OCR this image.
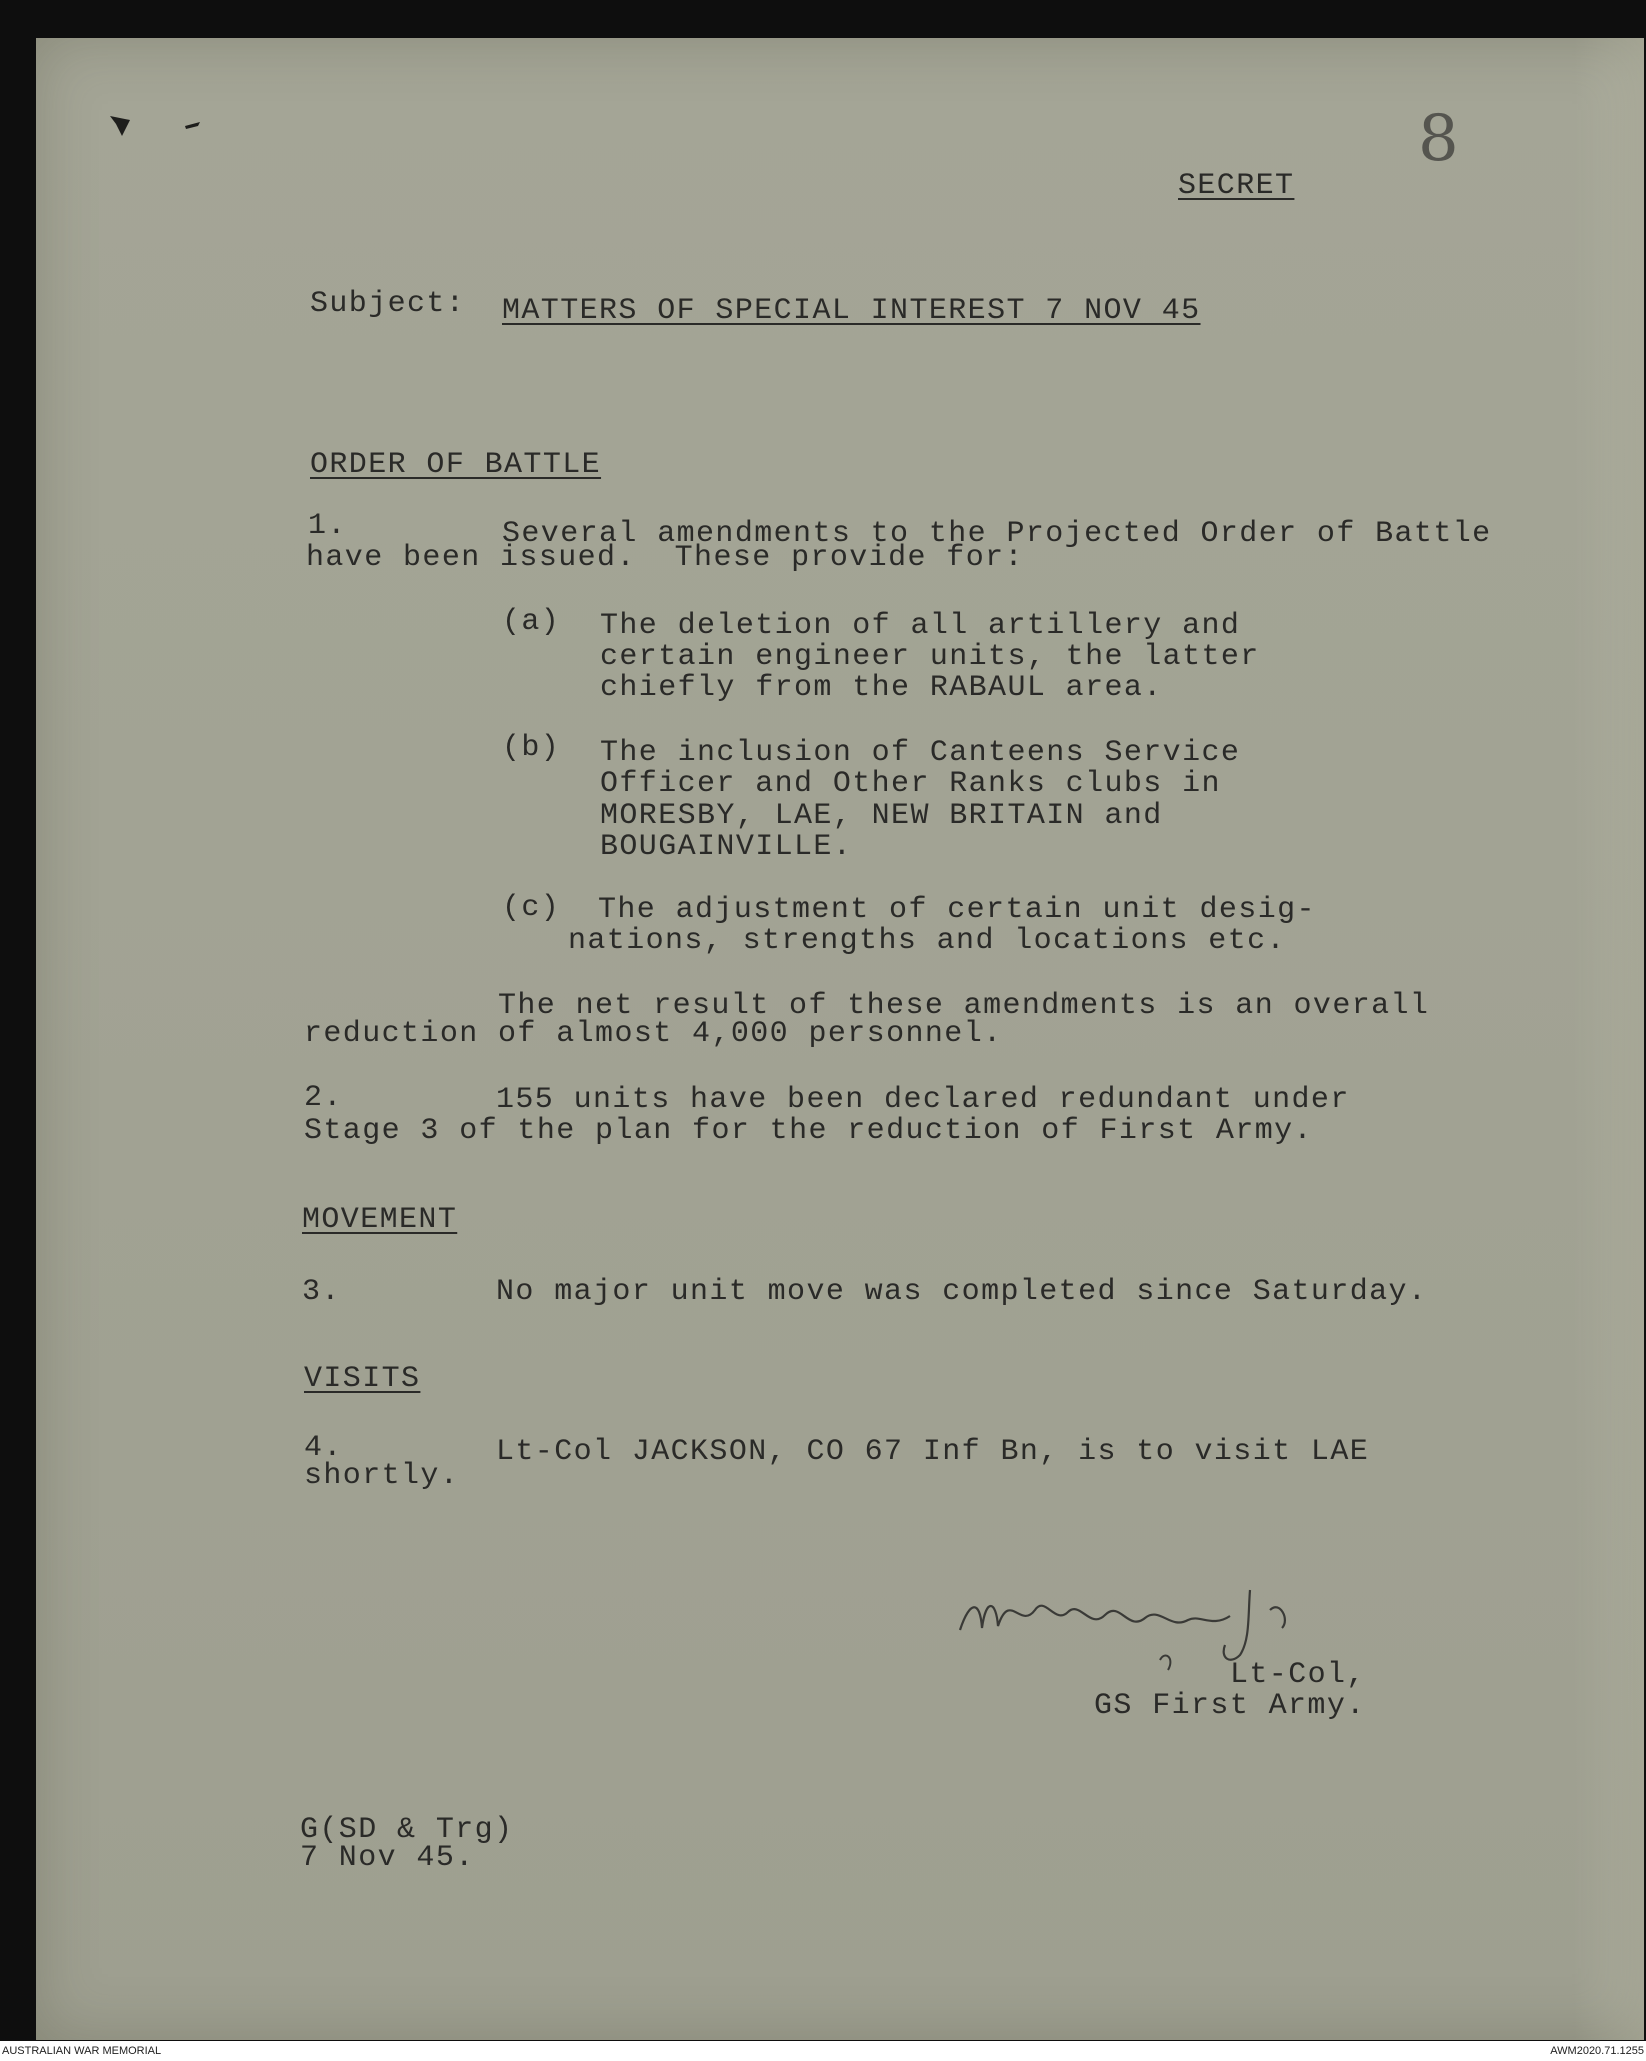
8

SECRET

Subject: MATTERS OF SPECIAL INTEREST 7 NOV 45

ORDER OF BATTLE

1.	Several amendments to the Projected Order of Battle

have been issued.  These provide for:

(a) The deletion of all artillery and

certain engineer units, the latter

chiefly from the RABAUL area.

(b) The inclusion of Canteens Service

Officer and Other Ranks clubs in

MORESBY, LAE, NEW BRITAIN and

BOUGAINVILLE.

(c) The adjustment of certain unit desig-

nations, strengths and locations etc.

The net result of these amendments is an overall

reduction of almost 4,000 personnel.

2.	155 units have been declared redundant under

Stage 3 of the plan for the reduction of First Army.

MOVEMENT

3.	No major unit move was completed since Saturday.

VISITS

4.	Lt-Col JACKSON, CO 67 Inf Bn, is to visit LAE

shortly.

Lt-Col,

GS First Army.

G(SD & Trg)

7 Nov 45.

AUSTRALIAN WAR MEMORIAL	AWM2020.71.1255
